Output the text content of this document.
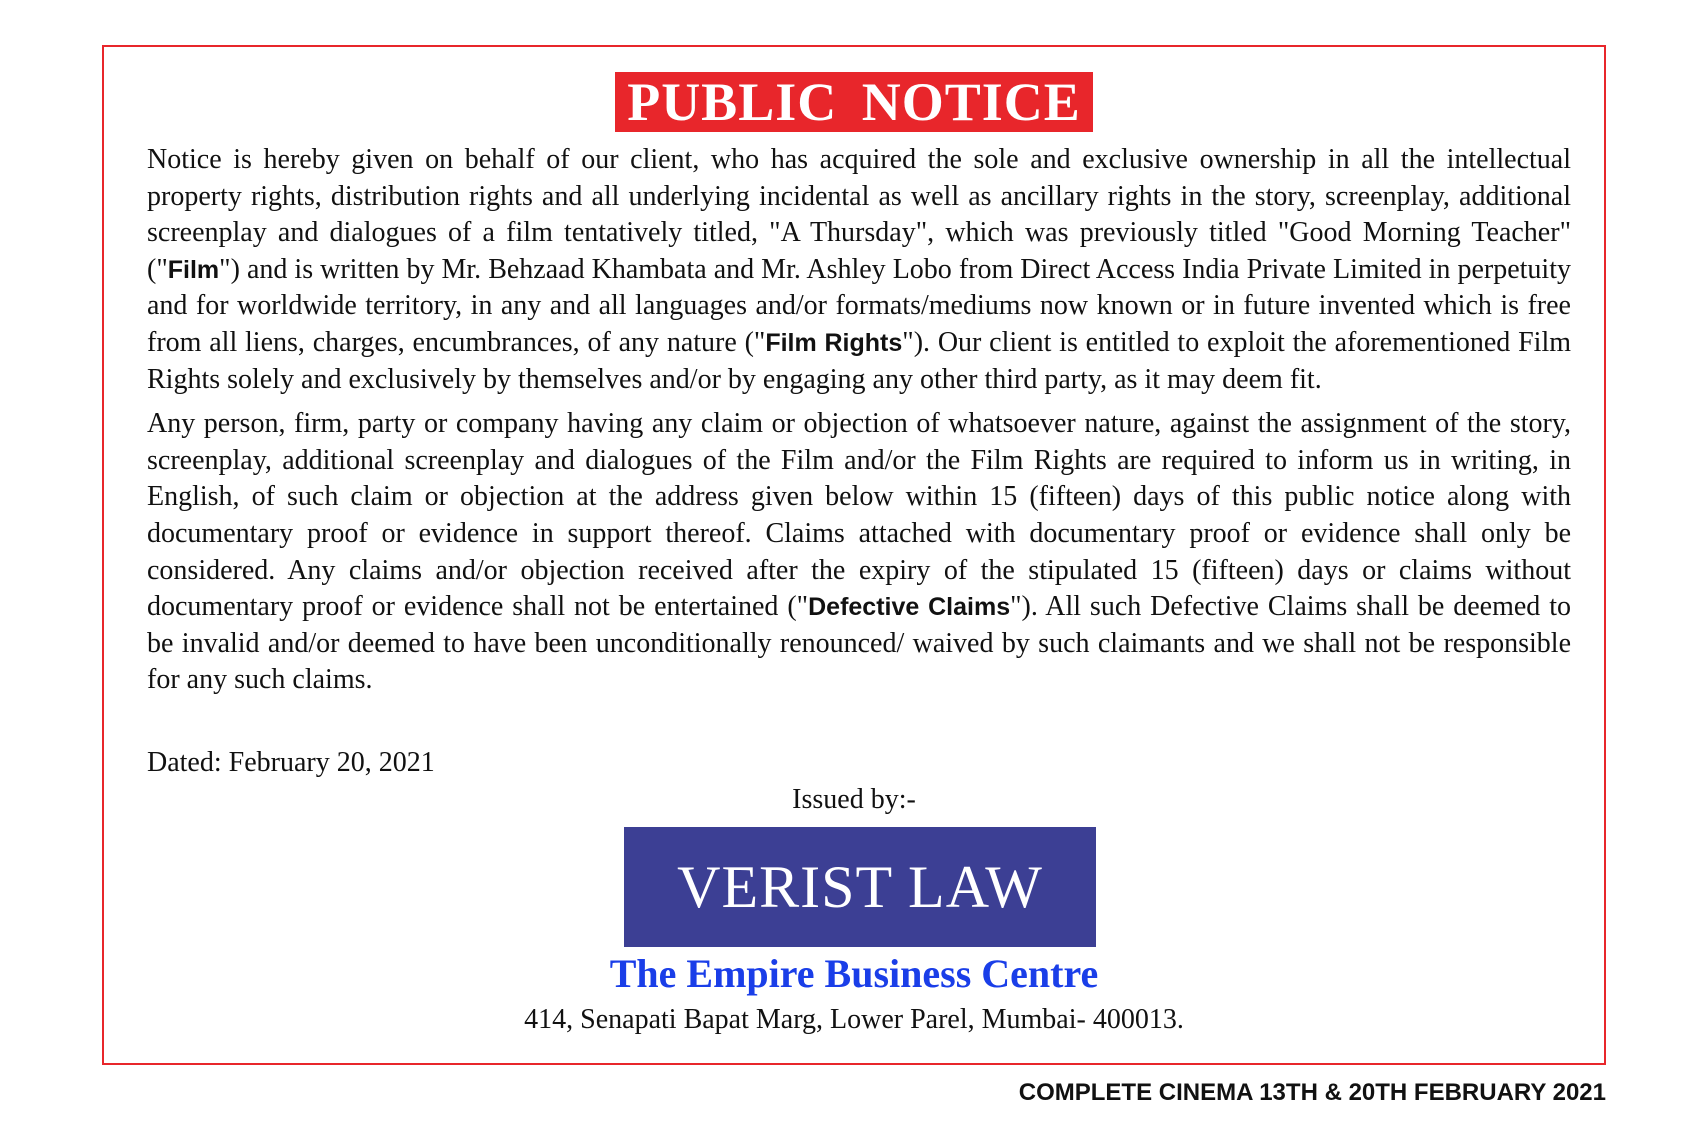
PUBLIC NOTICE

Notice is hereby given on behalf of our client, who has acquired the sole and exclusive ownership in all the intellectual property rights, distribution rights and all underlying incidental as well as ancillary rights in the story, screenplay, additional screenplay and dialogues of a film tentatively titled, "A Thursday", which was previously titled "Good Morning Teacher" ("Film") and is written by Mr. Behzaad Khambata and Mr. Ashley Lobo from Direct Access India Private Limited in perpetuity and for worldwide territory, in any and all languages and/or formats/mediums now known or in future invented which is free from all liens, charges, encumbrances, of any nature ("Film Rights"). Our client is entitled to exploit the aforementioned Film Rights solely and exclusively by themselves and/or by engaging any other third party, as it may deem fit.

Any person, firm, party or company having any claim or objection of whatsoever nature, against the assignment of the story, screenplay, additional screenplay and dialogues of the Film and/or the Film Rights are required to inform us in writing, in English, of such claim or objection at the address given below within 15 (fifteen) days of this public notice along with documentary proof or evidence in support thereof. Claims attached with documentary proof or evidence shall only be considered. Any claims and/or objection received after the expiry of the stipulated 15 (fifteen) days or claims without documentary proof or evidence shall not be entertained ("Defective Claims"). All such Defective Claims shall be deemed to be invalid and/or deemed to have been unconditionally renounced/ waived by such claimants and we shall not be responsible for any such claims.

Dated: February 20, 2021
Issued by:-
VERIST LAW
The Empire Business Centre
414, Senapati Bapat Marg, Lower Parel, Mumbai- 400013.
COMPLETE CINEMA 13TH & 20TH FEBRUARY 2021
